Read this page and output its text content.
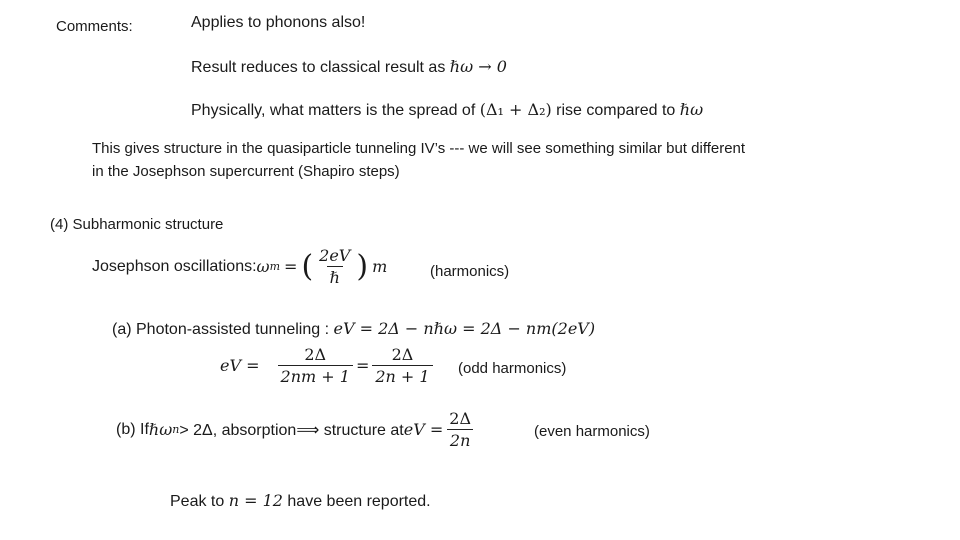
Comments:	Applies to phonons also!
Result reduces to classical result as ℏω → 0
Physically, what matters is the spread of (Δ₁ + Δ₂) rise compared to ℏω
This gives structure in the quasiparticle tunneling IV’s --- we will see something similar but different
in the Josephson supercurrent (Shapiro steps)
(4) Subharmonic structure
Josephson oscillations: ω m = ( $\frac{2eV}{\text{ℏ}}$ ) m	(harmonics)
(a) Photon-assisted tunneling : eV = 2Δ − nℏω = 2Δ − nm(2eV)
eV = $\frac{2\Delta}{2nm + 1} = \frac{2\Delta}{2n + 1} (odd$ harmonics)
(b) If ℏω n > 2Δ, absorption⟹ structure at eV = $\frac{2\Delta}{2n}$	(even harmonics)
Peak to n = 12 have been reported.
